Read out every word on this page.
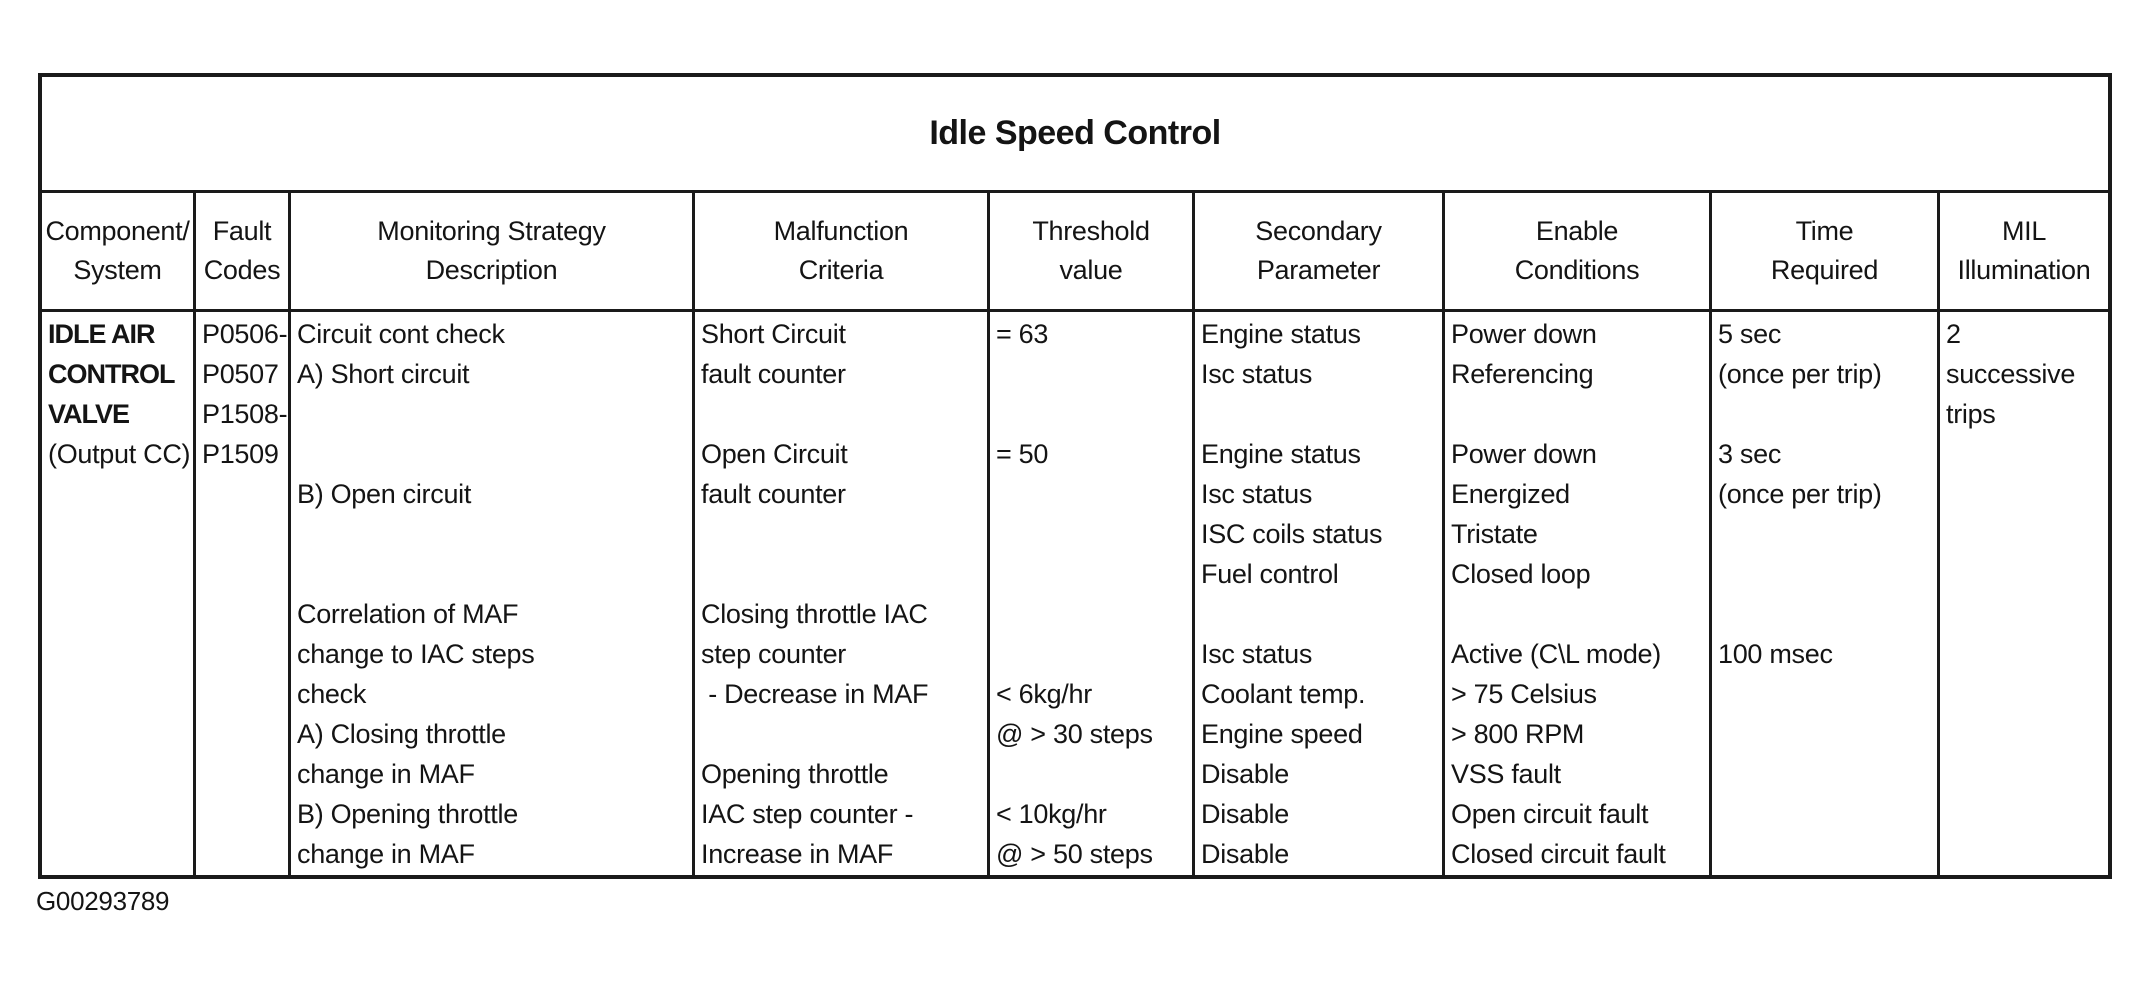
Idle Speed Control
Component/
System
Fault
Codes
Monitoring Strategy
Description
Malfunction
Criteria
Threshold
value
Secondary
Parameter
Enable
Conditions
Time
Required
MIL
Illumination
IDLE AIR
CONTROL
VALVE
(Output CC)
P0506-
P0507
P1508-
P1509
Circuit cont check
A) Short circuit
B) Open circuit
Correlation of MAF
change to IAC steps
check
A) Closing throttle
change in MAF
B) Opening throttle
change in MAF
Short Circuit
fault counter
Open Circuit
fault counter
Closing throttle IAC
step counter
- Decrease in MAF
Opening throttle
IAC step counter -
Increase in MAF
= 63
= 50
< 6kg/hr
@ > 30 steps
< 10kg/hr
@ > 50 steps
Engine status
Isc status
Engine status
Isc status
ISC coils status
Fuel control
Isc status
Coolant temp.
Engine speed
Disable
Disable
Disable
Power down
Referencing
Power down
Energized
Tristate
Closed loop
Active (C\L mode)
> 75 Celsius
> 800 RPM
VSS fault
Open circuit fault
Closed circuit fault
5 sec
(once per trip)
3 sec
(once per trip)
100 msec
2
successive
trips
G00293789
